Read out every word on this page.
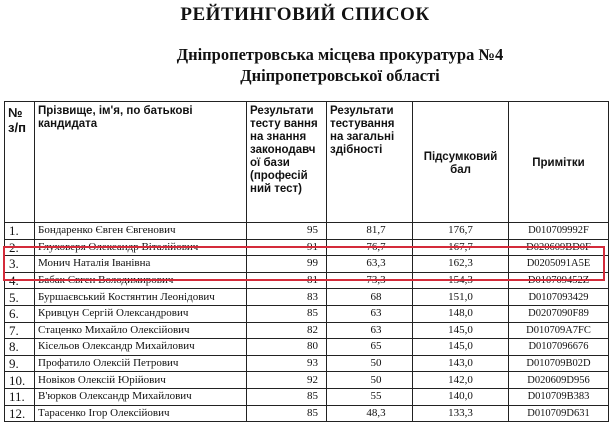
РЕЙТИНГОВИЙ СПИСОК
Дніпропетровська місцева прокуратура №4
Дніпропетровської області
№ з/п	Прізвище, ім'я, по батькові кандидата	Результати тесту вання на знання законодавч ої бази (професій ний тест)	Результати тестування на загальні здібності	Підсумковий бал	Примітки
1.	Бондаренко Євген Євгенович	95	81,7	176,7	D010709992F
2.	Глуховеря Олександр Віталійович	91	76,7	167,7	D020609BD0F
3.	Монич Наталія Іванівна	99	63,3	162,3	D0205091A5E
4.	Бабак Євген Володимирович	81	73,3	154,3	D010709452Z
5.	Буршаєвський Костянтин Леонідович	83	68	151,0	D0107093429
6.	Кривцун Сергій Олександрович	85	63	148,0	D0207090F89
7.	Стаценко Михайло Олексійович	82	63	145,0	D010709A7FC
8.	Кісельов Олександр Михайлович	80	65	145,0	D0107096676
9.	Профатило Олексій Петрович	93	50	143,0	D010709B02D
10.	Новіков Олексій Юрійович	92	50	142,0	D020609D956
11.	В'юрков Олександр Михайлович	85	55	140,0	D010709B383
12.	Тарасенко Ігор Олексійович	85	48,3	133,3	D010709D631
